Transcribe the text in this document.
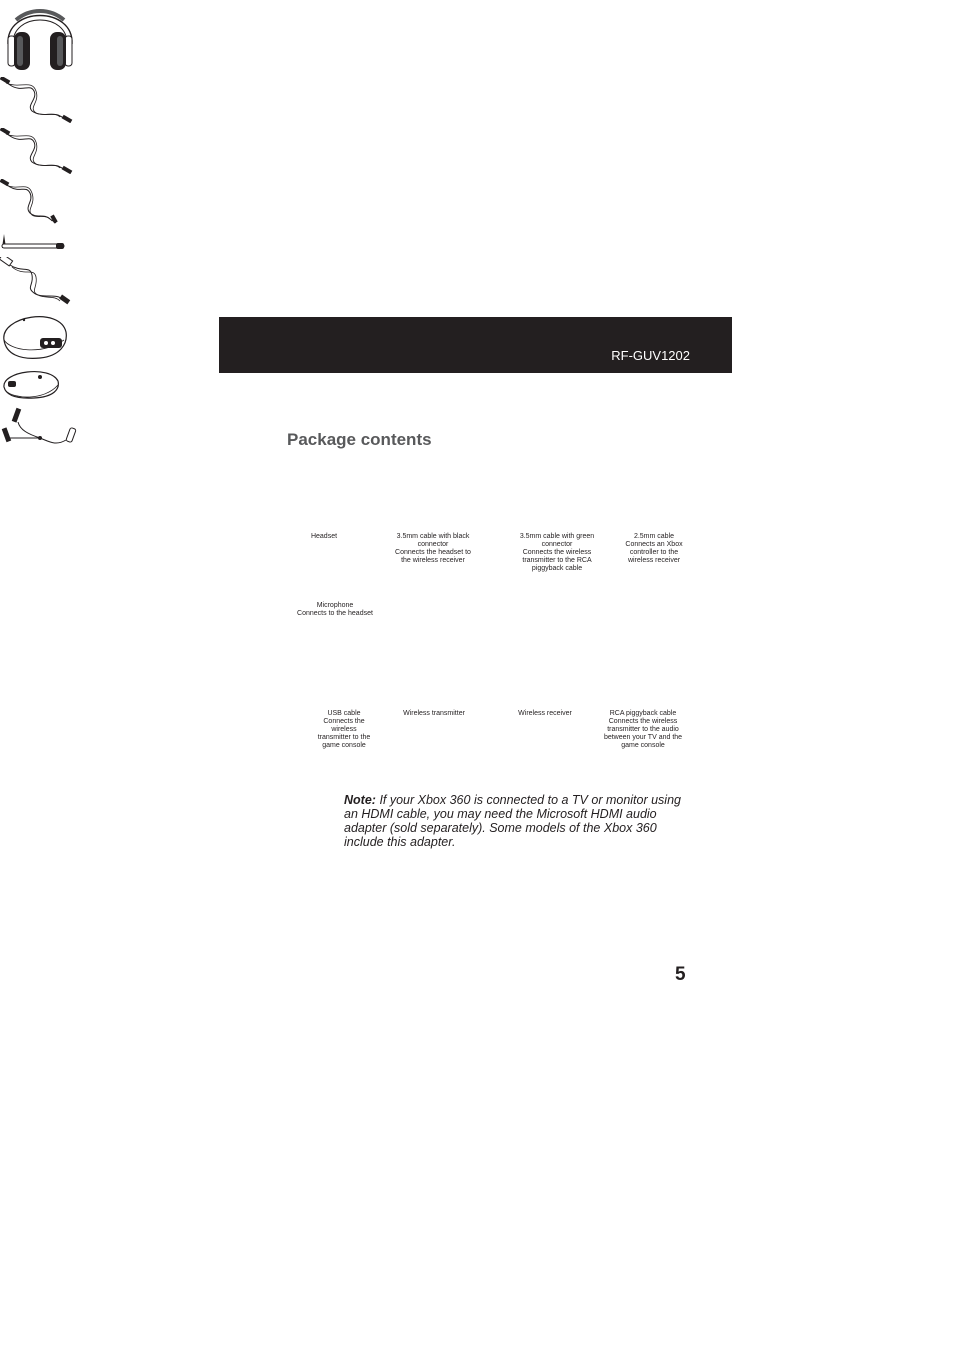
RF-GUV1202
Package contents
Headset	3.5mm cable with black
connector
Connects the headset to
the wireless receiver
3.5mm cable with green
connector
Connects the wireless
transmitter to the RCA
piggyback cable
2.5mm cable
Connects an Xbox
controller to the
wireless receiver
Microphone
Connects to the headset
USB cable
Connects the
wireless
transmitter to the
game console
Wireless transmitter	Wireless receiver	RCA piggyback cable
Connects the wireless
transmitter to the audio
between your TV and the
game console

Note: If your Xbox 360 is connected to a TV or monitor using an HDMI cable, you may need the Microsoft HDMI audio adapter (sold separately). Some models of the Xbox 360 include this adapter.

5
